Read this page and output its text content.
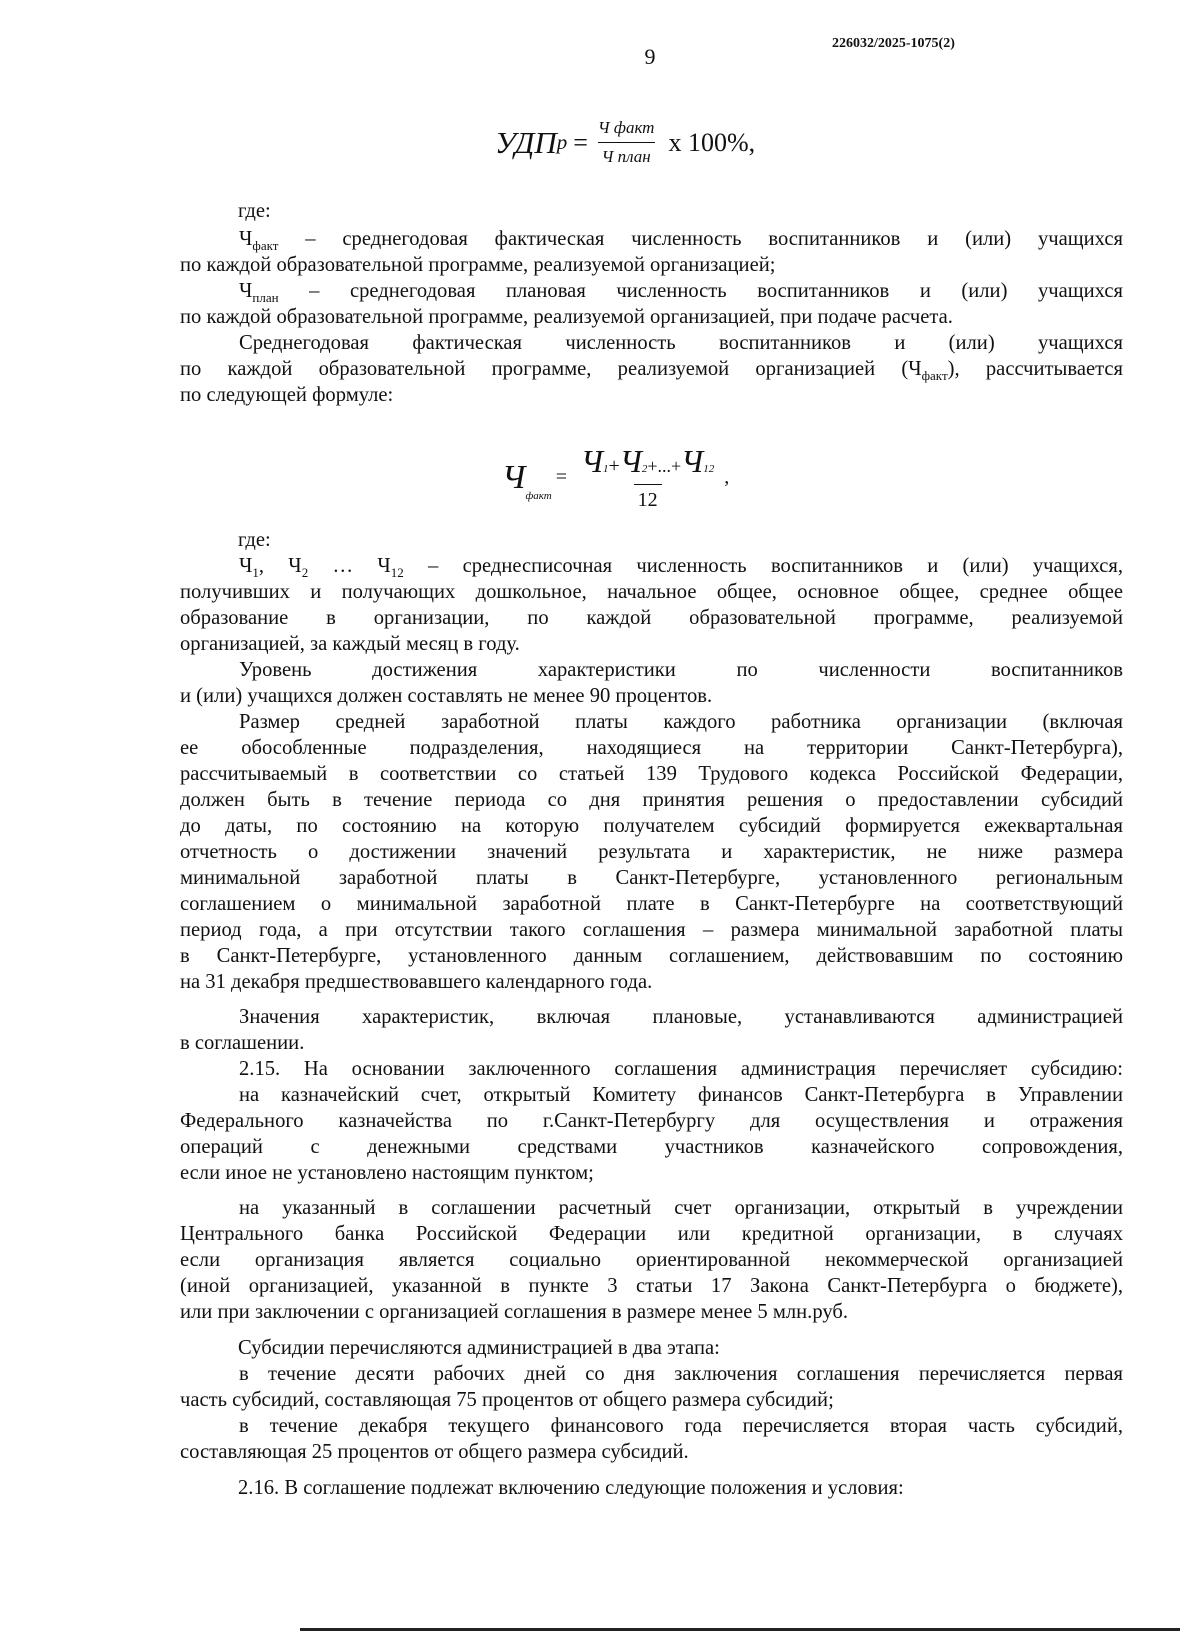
9
226032/2025-1075(2)
УДП $р = \frac{\text{Ч факт}}{\text{Ч план}}$ х 100%,
Ч
факт
= $\frac{Ч1+Ч2+...+Ч12}{12}$ ,
где:
$Ч_{факт}$ – среднегодовая фактическая численность воспитанников и (или) учащихся
по каждой образовательной программе, реализуемой организацией;
$Ч_{план}$ – среднегодовая плановая численность воспитанников и (или) учащихся
по каждой образовательной программе, реализуемой организацией, при подаче расчета.
Среднегодовая фактическая численность воспитанников и (или) учащихся
по каждой образовательной программе, реализуемой организацией $(Ч_{факт})$, рассчитывается
по следующей формуле:
где:
$Ч_1$, $Ч_2$ … $Ч_{12}$ – среднесписочная численность воспитанников и (или) учащихся,
получивших и получающих дошкольное, начальное общее, основное общее, среднее общее
образование в организации, по каждой образовательной программе, реализуемой
организацией, за каждый месяц в году.
Уровень достижения характеристики по численности воспитанников
и (или) учащихся должен составлять не менее 90 процентов.
Размер средней заработной платы каждого работника организации (включая
ее обособленные подразделения, находящиеся на территории Санкт-Петербурга),
рассчитываемый в соответствии со статьей 139 Трудового кодекса Российской Федерации,
должен быть в течение периода со дня принятия решения о предоставлении субсидий
до даты, по состоянию на которую получателем субсидий формируется ежеквартальная
отчетность о достижении значений результата и характеристик, не ниже размера
минимальной заработной платы в Санкт-Петербурге, установленного региональным
соглашением о минимальной заработной плате в Санкт-Петербурге на соответствующий
период года, а при отсутствии такого соглашения – размера минимальной заработной платы
в Санкт-Петербурге, установленного данным соглашением, действовавшим по состоянию
на 31 декабря предшествовавшего календарного года.
Значения характеристик, включая плановые, устанавливаются администрацией
в соглашении.
2.15. На основании заключенного соглашения администрация перечисляет субсидию:
на казначейский счет, открытый Комитету финансов Санкт-Петербурга в Управлении
Федерального казначейства по г.Санкт-Петербургу для осуществления и отражения
операций с денежными средствами участников казначейского сопровождения,
если иное не установлено настоящим пунктом;
на указанный в соглашении расчетный счет организации, открытый в учреждении
Центрального банка Российской Федерации или кредитной организации, в случаях
если организация является социально ориентированной некоммерческой организацией
(иной организацией, указанной в пункте 3 статьи 17 Закона Санкт-Петербурга о бюджете),
или при заключении с организацией соглашения в размере менее 5 млн.руб.
Субсидии перечисляются администрацией в два этапа:
в течение десяти рабочих дней со дня заключения соглашения перечисляется первая
часть субсидий, составляющая 75 процентов от общего размера субсидий;
в течение декабря текущего финансового года перечисляется вторая часть субсидий,
составляющая 25 процентов от общего размера субсидий.
2.16. В соглашение подлежат включению следующие положения и условия:
